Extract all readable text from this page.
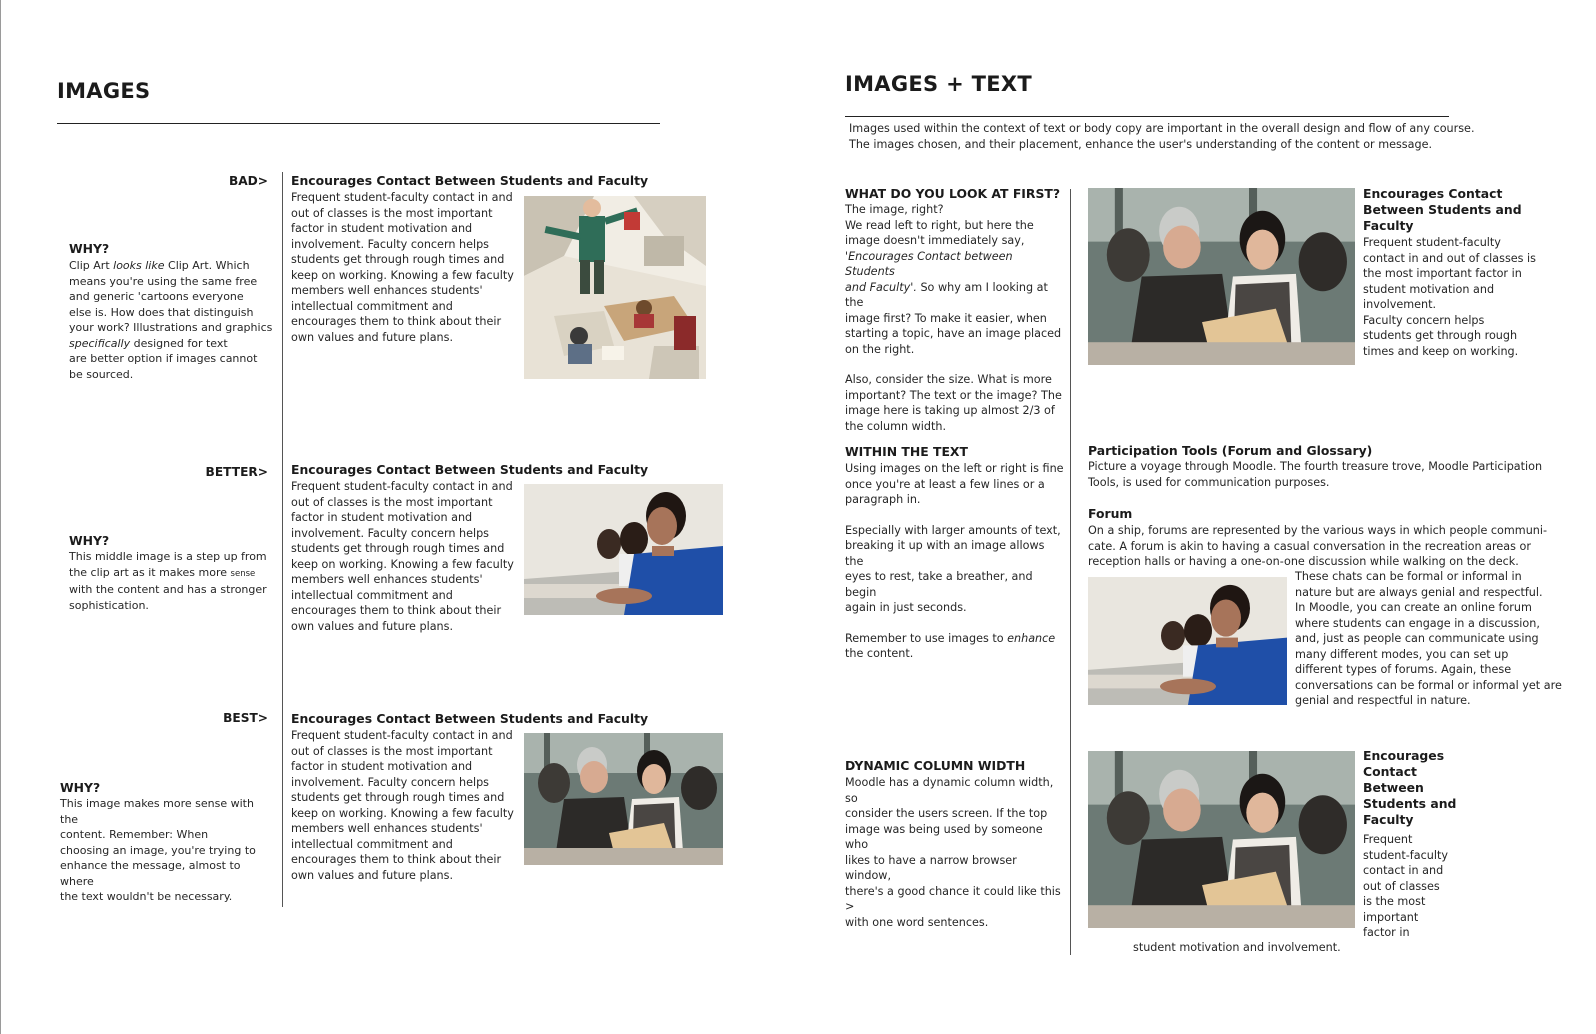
IMAGES
BAD>
WHY?
Clip Art looks like Clip Art. Which
means you're using the same free
and generic 'cartoons everyone
else is. How does that distinguish
your work? Illustrations and graphics
specifically designed for text
are better option if images cannot
be sourced.
Encourages Contact Between Students and Faculty
Frequent student-faculty contact in and out of classes is the most important factor in student motivation and involvement. Faculty concern helps students get through rough times and keep on working. Knowing a few faculty members well enhances students' intellectual commitment and encourages them to think about their own values and future plans.
BETTER>
WHY?
This middle image is a step up from
the clip art as it makes more sense
with the content and has a stronger
sophistication.
Encourages Contact Between Students and Faculty
Frequent student-faculty contact in and out of classes is the most important factor in student motivation and involvement. Faculty concern helps students get through rough times and keep on working. Knowing a few faculty members well enhances students' intellectual commitment and encourages them to think about their own values and future plans.
BEST>
WHY?
This image makes more sense with the
content. Remember: When
choosing an image, you're trying to
enhance the message, almost to where
the text wouldn't be necessary.
Encourages Contact Between Students and Faculty
Frequent student-faculty contact in and out of classes is the most important factor in student motivation and involvement. Faculty concern helps students get through rough times and keep on working. Knowing a few faculty members well enhances students' intellectual commitment and encourages them to think about their own values and future plans.
IMAGES + TEXT
Images used within the context of text or body copy are important in the overall design and flow of any course.
The images chosen, and their placement, enhance the user's understanding of the content or message.
WHAT DO YOU LOOK AT FIRST?
The image, right?
We read left to right, but here the
image doesn't immediately say,
'Encourages Contact between Students
and Faculty'. So why am I looking at the
image first? To make it easier, when
starting a topic, have an image placed
on the right.
Also, consider the size. What is more
important? The text or the image? The
image here is taking up almost 2/3 of
the column width.
Encourages Contact
Between Students and
Faculty
Frequent student-faculty
contact in and out of classes is
the most important factor in
student motivation and
involvement.
Faculty concern helps
students get through rough
times and keep on working.
WITHIN THE TEXT
Using images on the left or right is fine
once you're at least a few lines or a
paragraph in.
Especially with larger amounts of text,
breaking it up with an image allows the
eyes to rest, take a breather, and begin
again in just seconds.
Remember to use images to enhance
the content.
Participation Tools (Forum and Glossary)
Picture a voyage through Moodle. The fourth treasure trove, Moodle Participation
Tools, is used for communication purposes.
Forum
On a ship, forums are represented by the various ways in which people communi-
cate. A forum is akin to having a casual conversation in the recreation areas or
reception halls or having a one-on-one discussion while walking on the deck.
These chats can be formal or informal in
nature but are always genial and respectful.
In Moodle, you can create an online forum
where students can engage in a discussion,
and, just as people can communicate using
many different modes, you can set up
different types of forums. Again, these
conversations can be formal or informal yet are
genial and respectful in nature.
DYNAMIC COLUMN WIDTH
Moodle has a dynamic column width, so
consider the users screen. If the top
image was being used by someone who
likes to have a narrow browser window,
there's a good chance it could like this >
with one word sentences.
Encourages
Contact
Between
Students and
Faculty
Frequent
student-faculty
contact in and
out of classes
is the most
important
factor in
student motivation and involvement.
